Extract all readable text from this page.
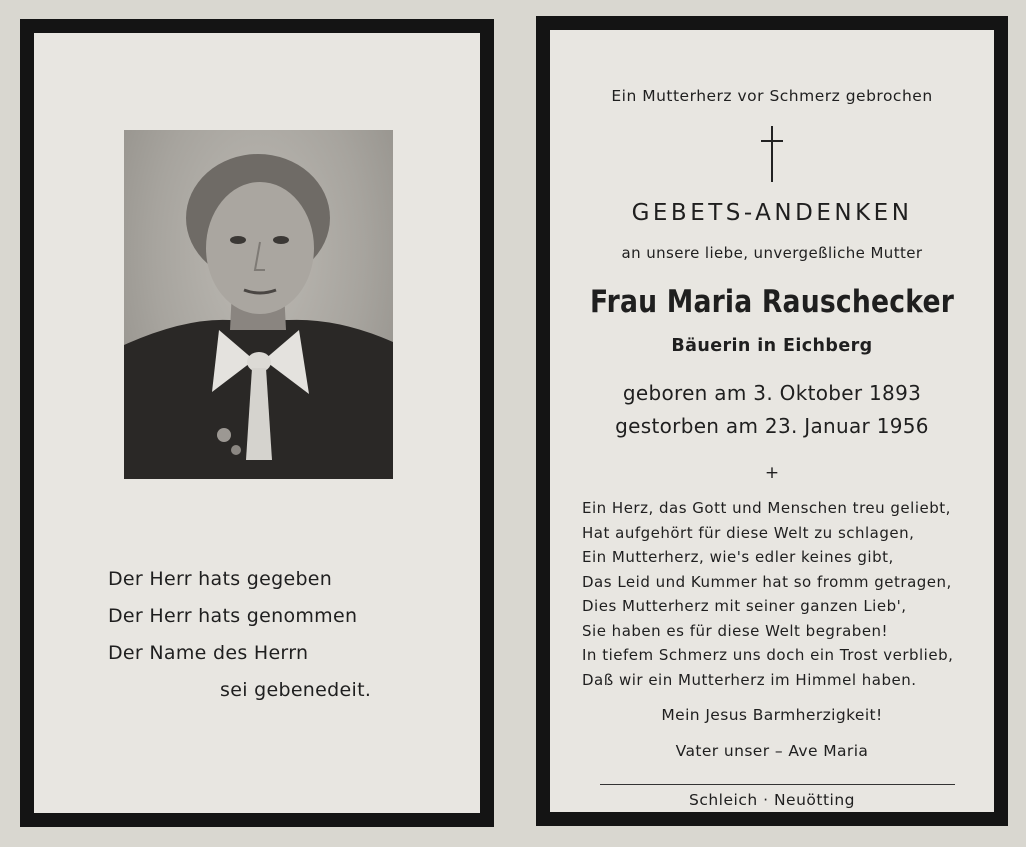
Der Herr hats gegeben
Der Herr hats genommen
Der Name des Herrn
sei gebenedeit.
Ein Mutterherz vor Schmerz gebrochen
GEBETS-ANDENKEN
an unsere liebe, unvergeßliche Mutter
Frau Maria Rauschecker
Bäuerin in Eichberg
geboren am 3. Oktober 1893
gestorben am 23. Januar 1956
+
Ein Herz, das Gott und Menschen treu geliebt,
Hat aufgehört für diese Welt zu schlagen,
Ein Mutterherz, wie's edler keines gibt,
Das Leid und Kummer hat so fromm getragen,
Dies Mutterherz mit seiner ganzen Lieb',
Sie haben es für diese Welt begraben!
In tiefem Schmerz uns doch ein Trost verblieb,
Daß wir ein Mutterherz im Himmel haben.
Mein Jesus Barmherzigkeit!
Vater unser – Ave Maria
Schleich · Neuötting
